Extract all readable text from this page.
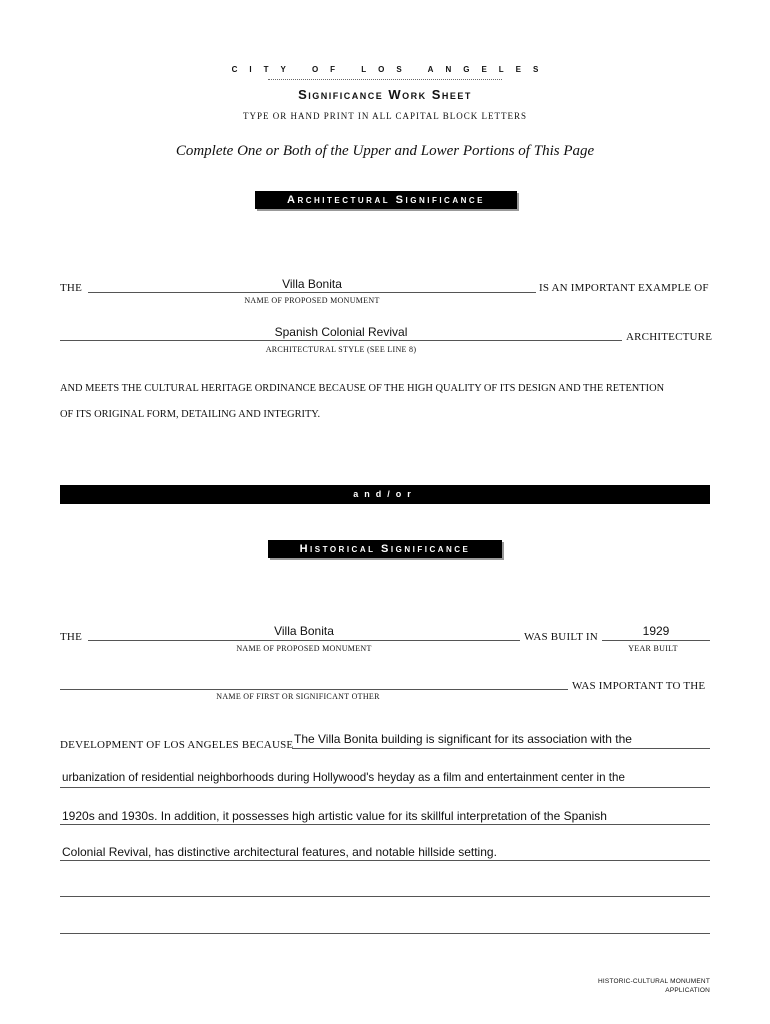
CITY OF LOS ANGELES
Significance Work Sheet
TYPE OR HAND PRINT IN ALL CAPITAL BLOCK LETTERS
Complete One or Both of the Upper and Lower Portions of This Page
Architectural Significance
THE	Villa Bonita
NAME OF PROPOSED MONUMENT
IS AN IMPORTANT EXAMPLE OF
Spanish Colonial Revival
ARCHITECTURAL STYLE (SEE LINE 8)
ARCHITECTURE
AND MEETS THE CULTURAL HERITAGE ORDINANCE BECAUSE OF THE HIGH QUALITY OF ITS DESIGN AND THE RETENTION
OF ITS ORIGINAL FORM, DETAILING AND INTEGRITY.
and/or
Historical Significance
THE	Villa Bonita
NAME OF PROPOSED MONUMENT
WAS BUILT IN	1929
YEAR BUILT
NAME OF FIRST OR SIGNIFICANT OTHER
WAS IMPORTANT TO THE
DEVELOPMENT OF LOS ANGELES BECAUSE The Villa Bonita building is significant for its association with the
urbanization of residential neighborhoods during Hollywood's heyday as a film and entertainment center in the
1920s and 1930s. In addition, it possesses high artistic value for its skillful interpretation of the Spanish
Colonial Revival, has distinctive architectural features, and notable hillside setting.
HISTORIC-CULTURAL MONUMENT
APPLICATION
